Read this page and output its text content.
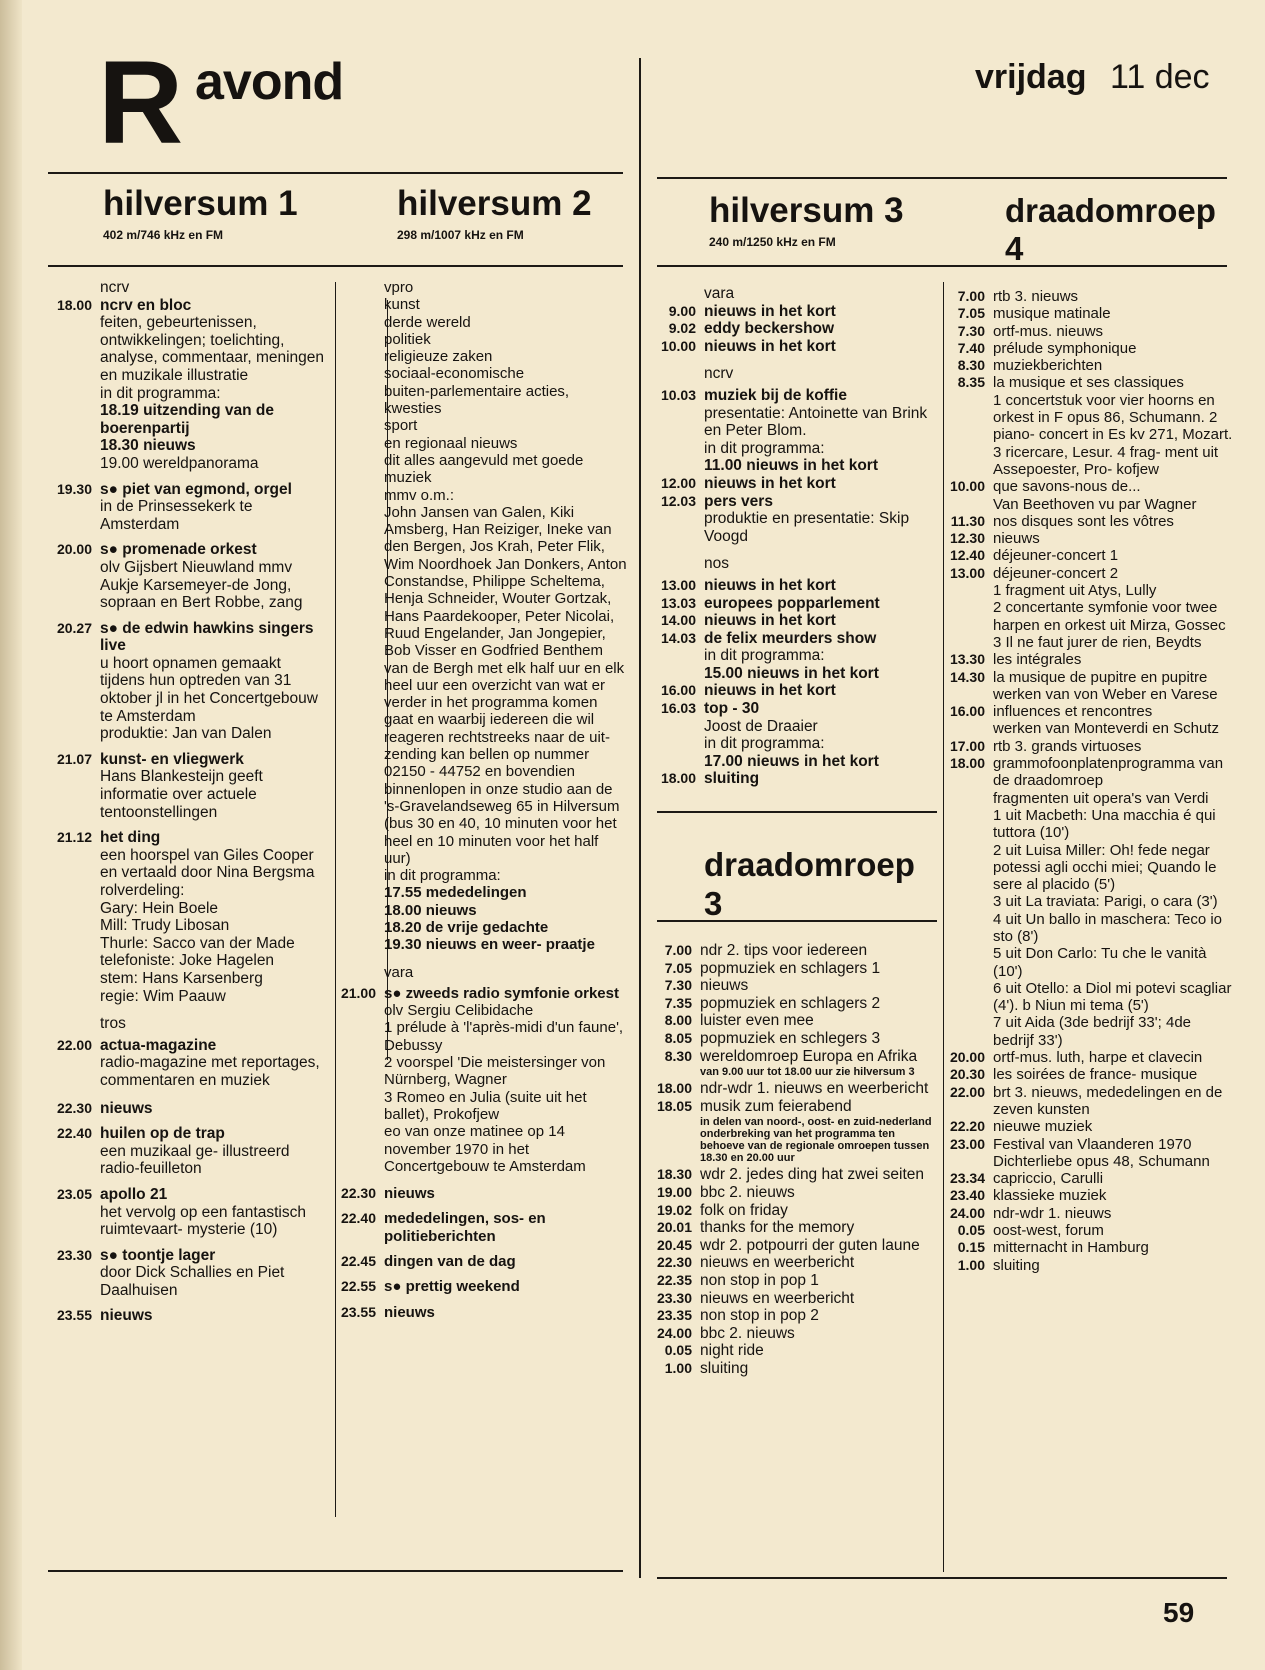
R avond	vrijdag 11 dec
hilversum 1
402 m/746 kHz en FM
hilversum 2
298 m/1007 kHz en FM
hilversum 3
240 m/1250 kHz en FM
draadomroep 4
draadomroep 3
ncrv
18.00 ncrv en bloc
feiten, gebeurtenissen, ontwikkelingen; toelichting, analyse, commentaar, meningen en muzikale illustratie
in dit programma:
18.19 uitzending van de boerenpartij
18.30 nieuws
19.00 wereldpanorama
19.30 s● piet van egmond, orgel
in de Prinsessekerk te Amsterdam
20.00 s● promenade orkest
olv Gijsbert Nieuwland mmv Aukje Karsemeyer-de Jong, sopraan en Bert Robbe, zang
20.27 s● de edwin hawkins singers live
u hoort opnamen gemaakt tijdens hun optreden van 31 oktober jl in het Concertgebouw te Amsterdam
produktie: Jan van Dalen
21.07 kunst- en vliegwerk
Hans Blankesteijn geeft informatie over actuele tentoonstellingen
21.12 het ding
een hoorspel van Giles Cooper en vertaald door Nina Bergsma
rolverdeling:
Gary: Hein Boele
Mill: Trudy Libosan
Thurle: Sacco van der Made
telefoniste: Joke Hagelen
stem: Hans Karsenberg
regie: Wim Paauw
tros
22.00 actua-magazine
radio-magazine met reportages, commentaren en muziek
22.30 nieuws
22.40 huilen op de trap
een muzikaal ge- illustreerd radio-feuilleton
23.05 apollo 21
het vervolg op een fantastisch ruimtevaart- mysterie (10)
23.30 s● toontje lager
door Dick Schallies en Piet Daalhuisen
23.55 nieuws
vpro
kunst
derde wereld
politiek
religieuze zaken
sociaal-economische
buiten-parlementaire acties, kwesties
sport
en regionaal nieuws
dit alles aangevuld met goede muziek
mmv o.m.:
John Jansen van Galen, Kiki Amsberg, Han Reiziger, Ineke van den Bergen, Jos Krah, Peter Flik, Wim Noordhoek Jan Donkers, Anton Constandse, Philippe Scheltema, Henja Schneider, Wouter Gortzak, Hans Paardekooper, Peter Nicolai, Ruud Engelander, Jan Jongepier, Bob Visser en Godfried Benthem
van de Bergh met elk half uur en elk heel uur een overzicht van wat er verder in het programma komen gaat en waarbij iedereen die wil reageren rechtstreeks naar de uit- zending kan bellen op nummer 02150 - 44752 en bovendien binnenlopen in onze studio aan de 's-Gravelandseweg 65 in Hilversum (bus 30 en 40, 10 minuten voor het heel en 10 minuten voor het half uur)
in dit programma:
17.55 mededelingen
18.00 nieuws
18.20 de vrije gedachte
19.30 nieuws en weer- praatje
vara
21.00 s● zweeds radio symfonie orkest
olv Sergiu Celibidache
1 prélude à 'l'après-midi d'un faune', Debussy
2 voorspel 'Die meistersinger von Nürnberg, Wagner
3 Romeo en Julia (suite uit het ballet), Prokofjew
eo van onze matinee op 14 november 1970 in het Concertgebouw te Amsterdam
22.30 nieuws
22.40 mededelingen, sos- en politieberichten
22.45 dingen van de dag
22.55 s● prettig weekend
23.55 nieuws
vara
9.00 nieuws in het kort
9.02 eddy beckershow
10.00 nieuws in het kort
ncrv
10.03 muziek bij de koffie
presentatie: Antoinette van Brink en Peter Blom.
in dit programma:
11.00 nieuws in het kort
12.00 nieuws in het kort
12.03 pers vers
produktie en presentatie: Skip Voogd
nos
13.00 nieuws in het kort
13.03 europees popparlement
14.00 nieuws in het kort
14.03 de felix meurders show
in dit programma:
15.00 nieuws in het kort
16.00 nieuws in het kort
16.03 top - 30
Joost de Draaier
in dit programma:
17.00 nieuws in het kort
18.00 sluiting
7.00 ndr 2. tips voor iedereen
7.05 popmuziek en schlagers 1
7.30 nieuws
7.35 popmuziek en schlagers 2
8.00 luister even mee
8.05 popmuziek en schlegers 3
8.30 wereldomroep Europa en Afrika
van 9.00 uur tot 18.00 uur zie hilversum 3
18.00 ndr-wdr 1. nieuws en weerbericht
18.05 musik zum feierabend
in delen van noord-, oost- en zuid-nederland onderbreking van het programma ten behoeve van de regionale omroepen tussen 18.30 en 20.00 uur
18.30 wdr 2. jedes ding hat zwei seiten
19.00 bbc 2. nieuws
19.02 folk on friday
20.01 thanks for the memory
20.45 wdr 2. potpourri der guten laune
22.30 nieuws en weerbericht
22.35 non stop in pop 1
23.30 nieuws en weerbericht
23.35 non stop in pop 2
24.00 bbc 2. nieuws
0.05 night ride
1.00 sluiting
7.00 rtb 3. nieuws
7.05 musique matinale
7.30 ortf-mus. nieuws
7.40 prélude symphonique
8.30 muziekberichten
8.35 la musique et ses classiques
1 concertstuk voor vier hoorns en orkest in F opus 86, Schumann. 2 piano- concert in Es kv 271, Mozart. 3 ricercare, Lesur. 4 frag- ment uit Assepoester, Pro- kofjew
10.00 que savons-nous de...
Van Beethoven vu par Wagner
11.30 nos disques sont les vôtres
12.30 nieuws
12.40 déjeuner-concert 1
13.00 déjeuner-concert 2
1 fragment uit Atys, Lully
2 concertante symfonie voor twee harpen en orkest uit Mirza, Gossec
3 Il ne faut jurer de rien, Beydts
13.30 les intégrales
14.30 la musique de pupitre en pupitre
werken van von Weber en Varese
16.00 influences et rencontres
werken van Monteverdi en Schutz
17.00 rtb 3. grands virtuoses
18.00 grammofoonplatenprogramma van de draadomroep
fragmenten uit opera's van Verdi
1 uit Macbeth: Una macchia é qui tuttora (10')
2 uit Luisa Miller: Oh! fede negar potessi agli occhi miei; Quando le sere al placido (5')
3 uit La traviata: Parigi, o cara (3')
4 uit Un ballo in maschera: Teco io sto (8')
5 uit Don Carlo: Tu che le vanità (10')
6 uit Otello: a Diol mi potevi scagliar (4'). b Niun mi tema (5')
7 uit Aida (3de bedrijf 33'; 4de bedrijf 33')
20.00 ortf-mus. luth, harpe et clavecin
20.30 les soirées de france- musique
22.00 brt 3. nieuws, mededelingen en de zeven kunsten
22.20 nieuwe muziek
23.00 Festival van Vlaanderen 1970 Dichterliebe opus 48, Schumann
23.34 capriccio, Carulli
23.40 klassieke muziek
24.00 ndr-wdr 1. nieuws
0.05 oost-west, forum
0.15 mitternacht in Hamburg
1.00 sluiting
59
